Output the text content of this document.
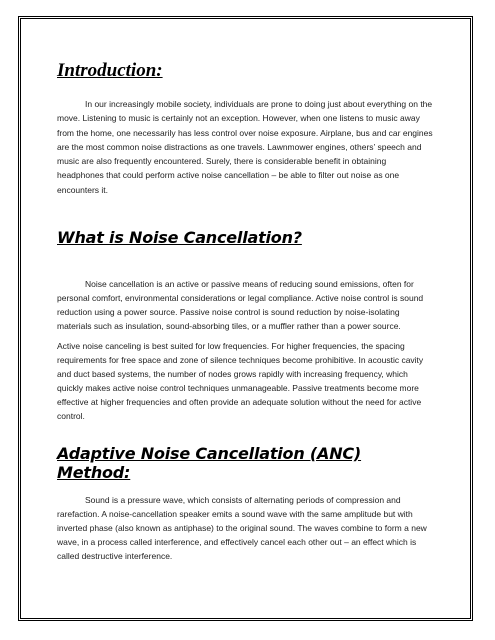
Introduction:

In our increasingly mobile society, individuals are prone to doing just about everything on the move. Listening to music is certainly not an exception. However, when one listens to music away from the home, one necessarily has less control over noise exposure. Airplane, bus and car engines are the most common noise distractions as one travels. Lawnmower engines, others’ speech and music are also frequently encountered. Surely, there is considerable benefit in obtaining headphones that could perform active noise cancellation – be able to filter out noise as one encounters it.

What is Noise Cancellation?

Noise cancellation is an active or passive means of reducing sound emissions, often for personal comfort, environmental considerations or legal compliance. Active noise control is sound reduction using a power source. Passive noise control is sound reduction by noise-isolating materials such as insulation, sound-absorbing tiles, or a muffler rather than a power source.

Active noise canceling is best suited for low frequencies. For higher frequencies, the spacing requirements for free space and zone of silence techniques become prohibitive. In acoustic cavity and duct based systems, the number of nodes grows rapidly with increasing frequency, which quickly makes active noise control techniques unmanageable. Passive treatments become more effective at higher frequencies and often provide an adequate solution without the need for active control.

Adaptive Noise Cancellation (ANC) Method:

Sound is a pressure wave, which consists of alternating periods of compression and rarefaction. A noise-cancellation speaker emits a sound wave with the same amplitude but with inverted phase (also known as antiphase) to the original sound. The waves combine to form a new wave, in a process called interference, and effectively cancel each other out – an effect which is called destructive interference.
